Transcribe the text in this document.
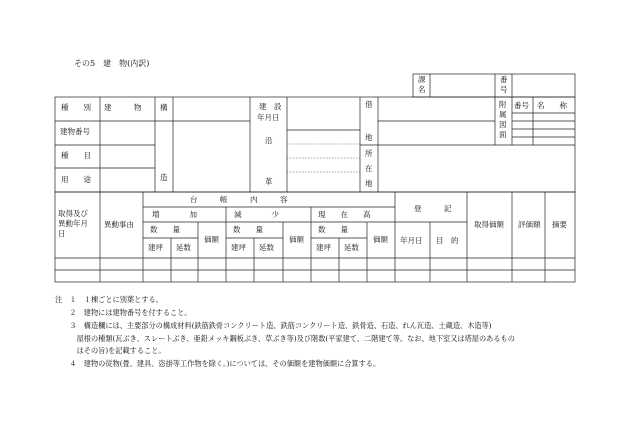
その5　建　物(内訳)
課
名
番
号
種　　別 建　　　物 構
造
建　設
年月日
沿
革
借
地
所
在
地
附
属
図
面
番号 名　　称
建物番号
種　　目
用　　途
取得及び
異動年月
日
異動事由
台　　　帳　　　内　　　容
増　　　　加	減　　　　少	現　　在　　高
数　　量
建坪 延数
価額
数　　量
建坪 延数
価額
数　　量
建坪 延数
価額
登　　　記
年月日 目　的
取得価額 評価額 摘要
注　１　１棟ごとに別葉とする。
　　２　建物には建物番号を付すること。
　　３　構造欄には、主要部分の構成材料(鉄筋鉄骨コンクリート造、鉄筋コンクリート造、鉄骨造、石造、れん瓦造、土蔵造、木造等)
　　　屋根の種類(瓦ぶき、スレートぶき、亜鉛メッキ鋼板ぶき、草ぶき等)及び階数(平家建て、二階建て等。なお、地下室又は塔屋のあるもの
　　　はその旨)を記載すること。
　　４　建物の従物(畳、建具、恣掛等工作物を除く。)については、その価額を建物価額に合算する。
